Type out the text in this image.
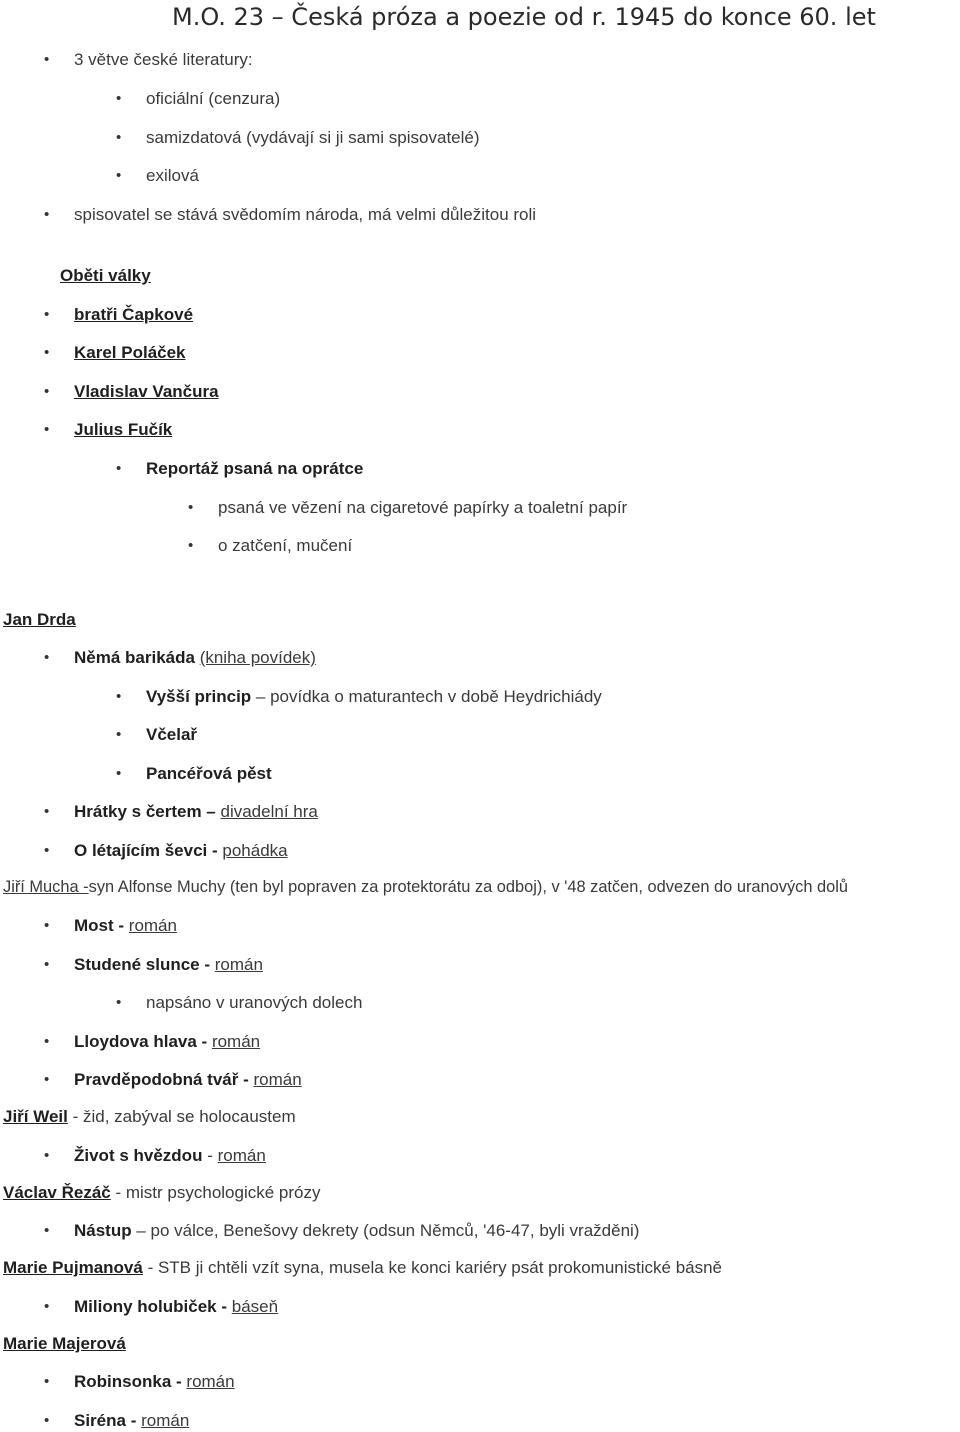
M.O. 23 – Česká próza a poezie od r. 1945 do konce 60. let
• 3 větve české literatury:
• oficiální (cenzura)
• samizdatová (vydávají si ji sami spisovatelé)
• exilová
• spisovatel se stává svědomím národa, má velmi důležitou roli
Oběti války
• bratři Čapkové
• Karel Poláček
• Vladislav Vančura
• Julius Fučík
• Reportáž psaná na oprátce
• psaná ve vězení na cigaretové papírky a toaletní papír
• o zatčení, mučení
Jan Drda
• Němá barikáda (kniha povídek)
• Vyšší princip – povídka o maturantech v době Heydrichiády
• Včelař
• Pancéřová pěst
• Hrátky s čertem – divadelní hra
• O létajícím ševci - pohádka
Jiří Mucha -syn Alfonse Muchy (ten byl popraven za protektorátu za odboj), v '48 zatčen, odvezen do uranových dolů
• Most - román
• Studené slunce - román
• napsáno v uranových dolech
• Lloydova hlava - román
• Pravděpodobná tvář - román
Jiří Weil - žid, zabýval se holocaustem
• Život s hvězdou - román
Václav Řezáč - mistr psychologické prózy
• Nástup – po válce, Benešovy dekrety (odsun Němců, '46-47, byli vražděni)
Marie Pujmanová - STB ji chtěli vzít syna, musela ke konci kariéry psát prokomunistické básně
• Miliony holubiček - báseň
Marie Majerová
• Robinsonka - román
• Siréna - román
